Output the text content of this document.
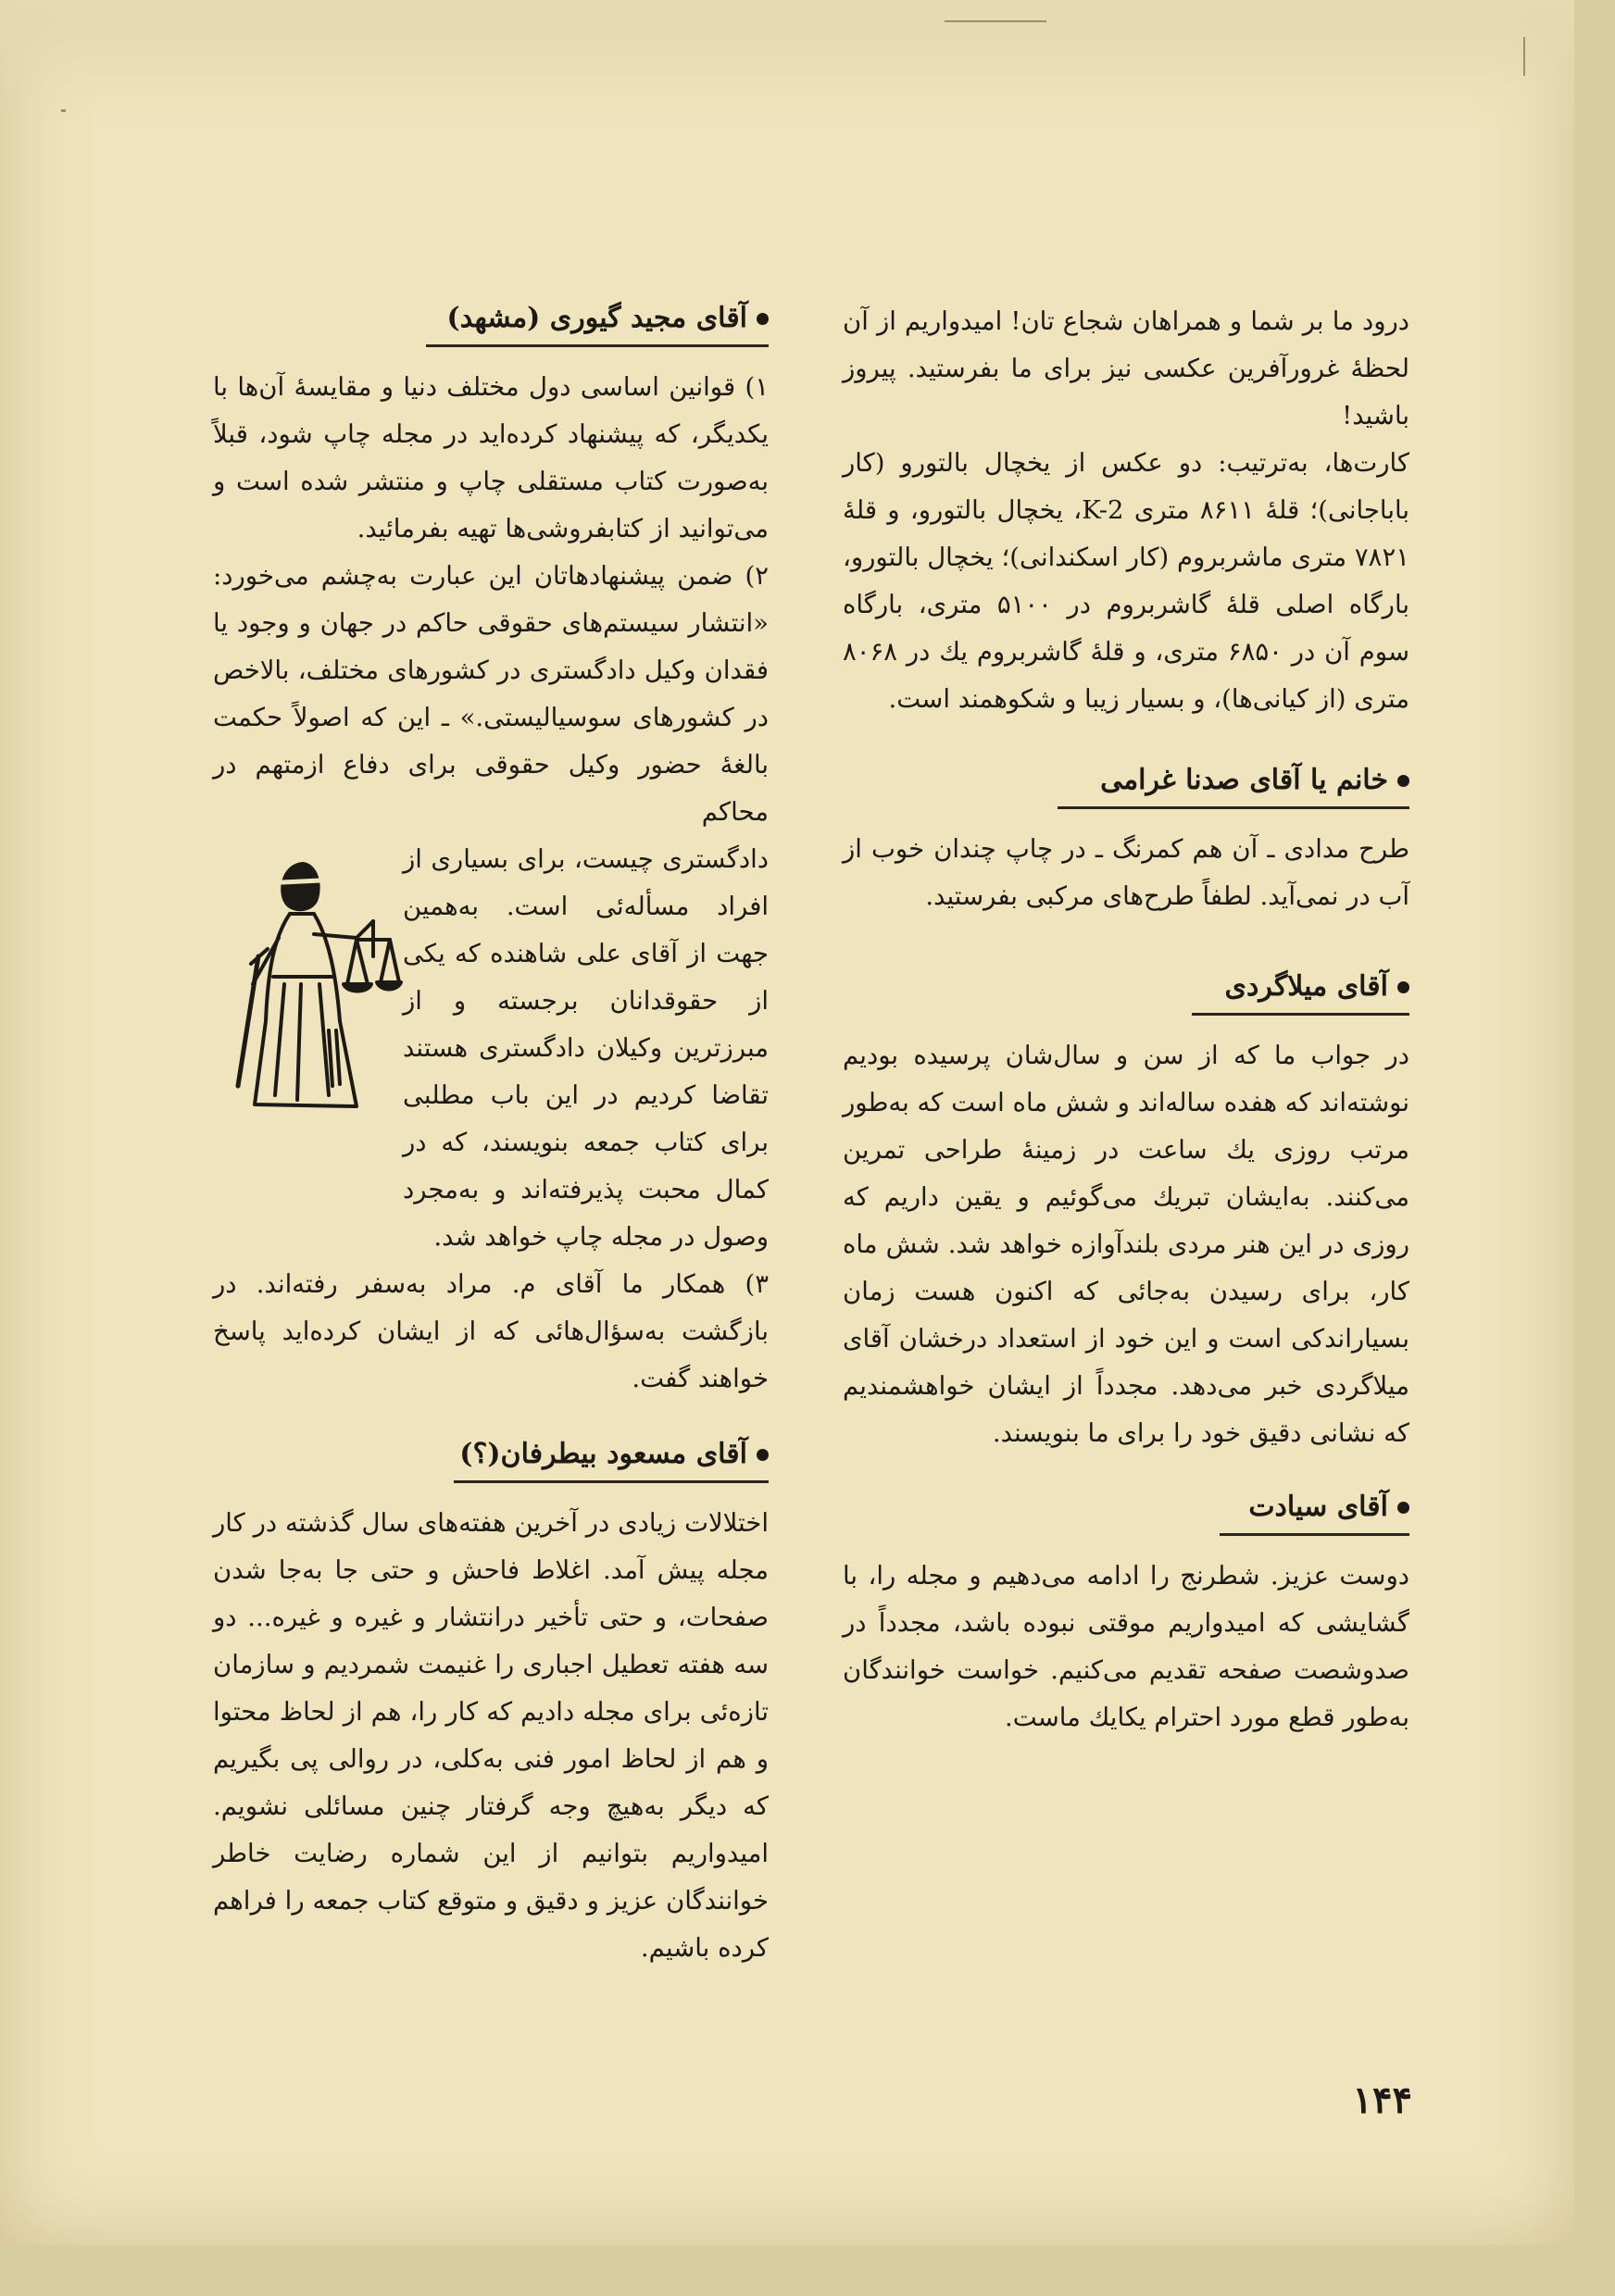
درود ما بر شما و همراهان شجاع تان! امیدواریم از آن لحظهٔ غرورآفرین عکسی نیز برای ما بفرستید. پیروز باشید!

کارت‌ها، به‌ترتیب: دو عکس از یخچال بالتورو (کار باباجانی)؛ قلهٔ ۸۶۱۱ متری K-2، یخچال بالتورو، و قلهٔ ۷۸۲۱ متری ماشربروم (کار اسکندانی)؛ یخچال بالتورو، بارگاه اصلی قلهٔ گاشربروم در ۵۱۰۰ متری، بارگاه سوم آن در ۶۸۵۰ متری، و قلهٔ گاشربروم یك در ۸۰۶۸ متری (از کیانی‌ها)، و بسیار زیبا و شکوهمند است.

خانم یا آقای صدنا غرامی

طرح مدادی ـ آن هم کمرنگ ـ در چاپ چندان خوب از آب در نمی‌آید. لطفاً طرح‌های مرکبی بفرستید.

آقای میلاگردی

در جواب ما که از سن و سال‌شان پرسیده بودیم نوشته‌اند که هفده ساله‌اند و شش ماه است که به‌طور مرتب روزی یك ساعت در زمینهٔ طراحی تمرین می‌کنند. به‌ایشان تبریك می‌گوئیم و یقین داریم که روزی در این هنر مردی بلندآوازه خواهد شد. شش ماه کار، برای رسیدن به‌جائی که اکنون هست زمان بسیاراندکی است و این خود از استعداد درخشان آقای میلاگردی خبر می‌دهد. مجدداً از ایشان خواهشمندیم که نشانی دقیق خود را برای ما بنویسند.

آقای سیادت

دوست عزیز. شطرنج را ادامه می‌دهیم و مجله را، با گشایشی که امیدواریم موقتی نبوده باشد، مجدداً در صدوشصت صفحه تقدیم می‌کنیم. خواست خوانندگان به‌طور قطع مورد احترام یکایك ماست.

آقای مجید گیوری (مشهد)

۱) قوانین اساسی دول مختلف دنیا و مقایسهٔ آن‌ها با یکدیگر، که پیشنهاد کرده‌اید در مجله چاپ شود، قبلاً به‌صورت کتاب مستقلی چاپ و منتشر شده است و می‌توانید از کتابفروشی‌ها تهیه بفرمائید.

۲) ضمن پیشنهادهاتان این عبارت به‌چشم می‌خورد: «انتشار سیستم‌های حقوقی حاکم در جهان و وجود یا فقدان وکیل دادگستری در کشورهای مختلف، بالاخص در کشورهای سوسیالیستی.» ـ این که اصولاً حکمت بالغهٔ حضور وکیل حقوقی برای دفاع ازمتهم در محاکم

دادگستری چیست، برای بسیاری از افراد مسأله‌ئی است. به‌همین جهت از آقای علی شاهنده که یکی از حقوقدانان برجسته و از مبرزترین وکیلان دادگستری هستند تقاضا کردیم در این باب مطلبی برای کتاب جمعه بنویسند، که در کمال محبت پذیرفته‌اند و به‌مجرد وصول در مجله چاپ خواهد شد.

۳) همکار ما آقای م. مراد به‌سفر رفته‌اند. در بازگشت به‌سؤال‌هائی که از ایشان کرده‌اید پاسخ خواهند گفت.

آقای مسعود بیطرفان(؟)

اختلالات زیادی در آخرین هفته‌های سال گذشته در کار مجله پیش آمد. اغلاط فاحش و حتی جا به‌جا شدن صفحات، و حتی تأخیر درانتشار و غیره و غیره... دو سه هفته تعطیل اجباری را غنیمت شمردیم و سازمان تازه‌ئی برای مجله دادیم که کار را، هم از لحاظ محتوا و هم از لحاظ امور فنی به‌کلی، در روالی پی بگیریم که دیگر به‌هیچ وجه گرفتار چنین مسائلی نشویم. امیدواریم بتوانیم از این شماره رضایت خاطر خوانندگان عزیز و دقیق و متوقع کتاب جمعه را فراهم کرده باشیم.

۱۴۴
